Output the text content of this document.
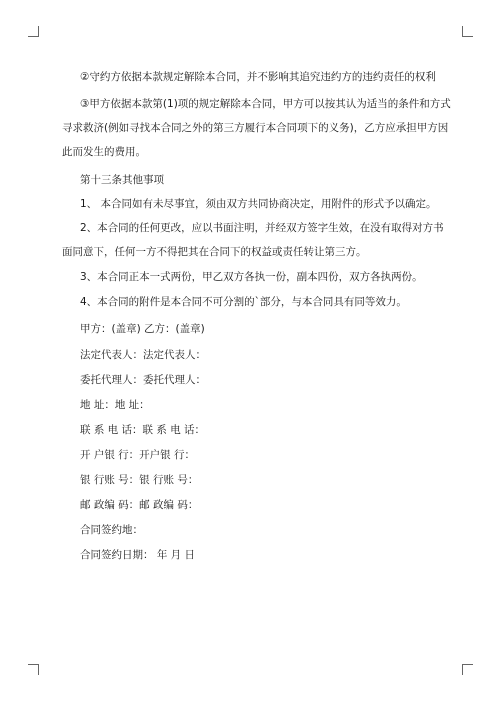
②守约方依据本款规定解除本合同，并不影响其追究违约方的违约责任的权利
③甲方依据本款第(1)项的规定解除本合同，甲方可以按其认为适当的条件和方式
寻求救济(例如寻找本合同之外的第三方履行本合同项下的义务)，乙方应承担甲方因
此而发生的费用。
第十三条其他事项
1、 本合同如有未尽事宜，须由双方共同协商决定，用附件的形式予以确定。
2、本合同的任何更改，应以书面注明，并经双方签字生效，在没有取得对方书
面同意下，任何一方不得把其在合同下的权益或责任转让第三方。
3、本合同正本一式两份，甲乙双方各执一份，副本四份，双方各执两份。
4、本合同的附件是本合同不可分割的`部分，与本合同具有同等效力。
甲方：(盖章) 乙方：(盖章)
法定代表人：法定代表人：
委托代理人：委托代理人：
地 址：地 址：
联 系 电 话：联 系 电 话：
开 户银 行：开户银 行：
银 行账 号：银 行账 号：
邮 政编 码：邮 政编 码：
合同签约地：
合同签约日期： 年 月 日
